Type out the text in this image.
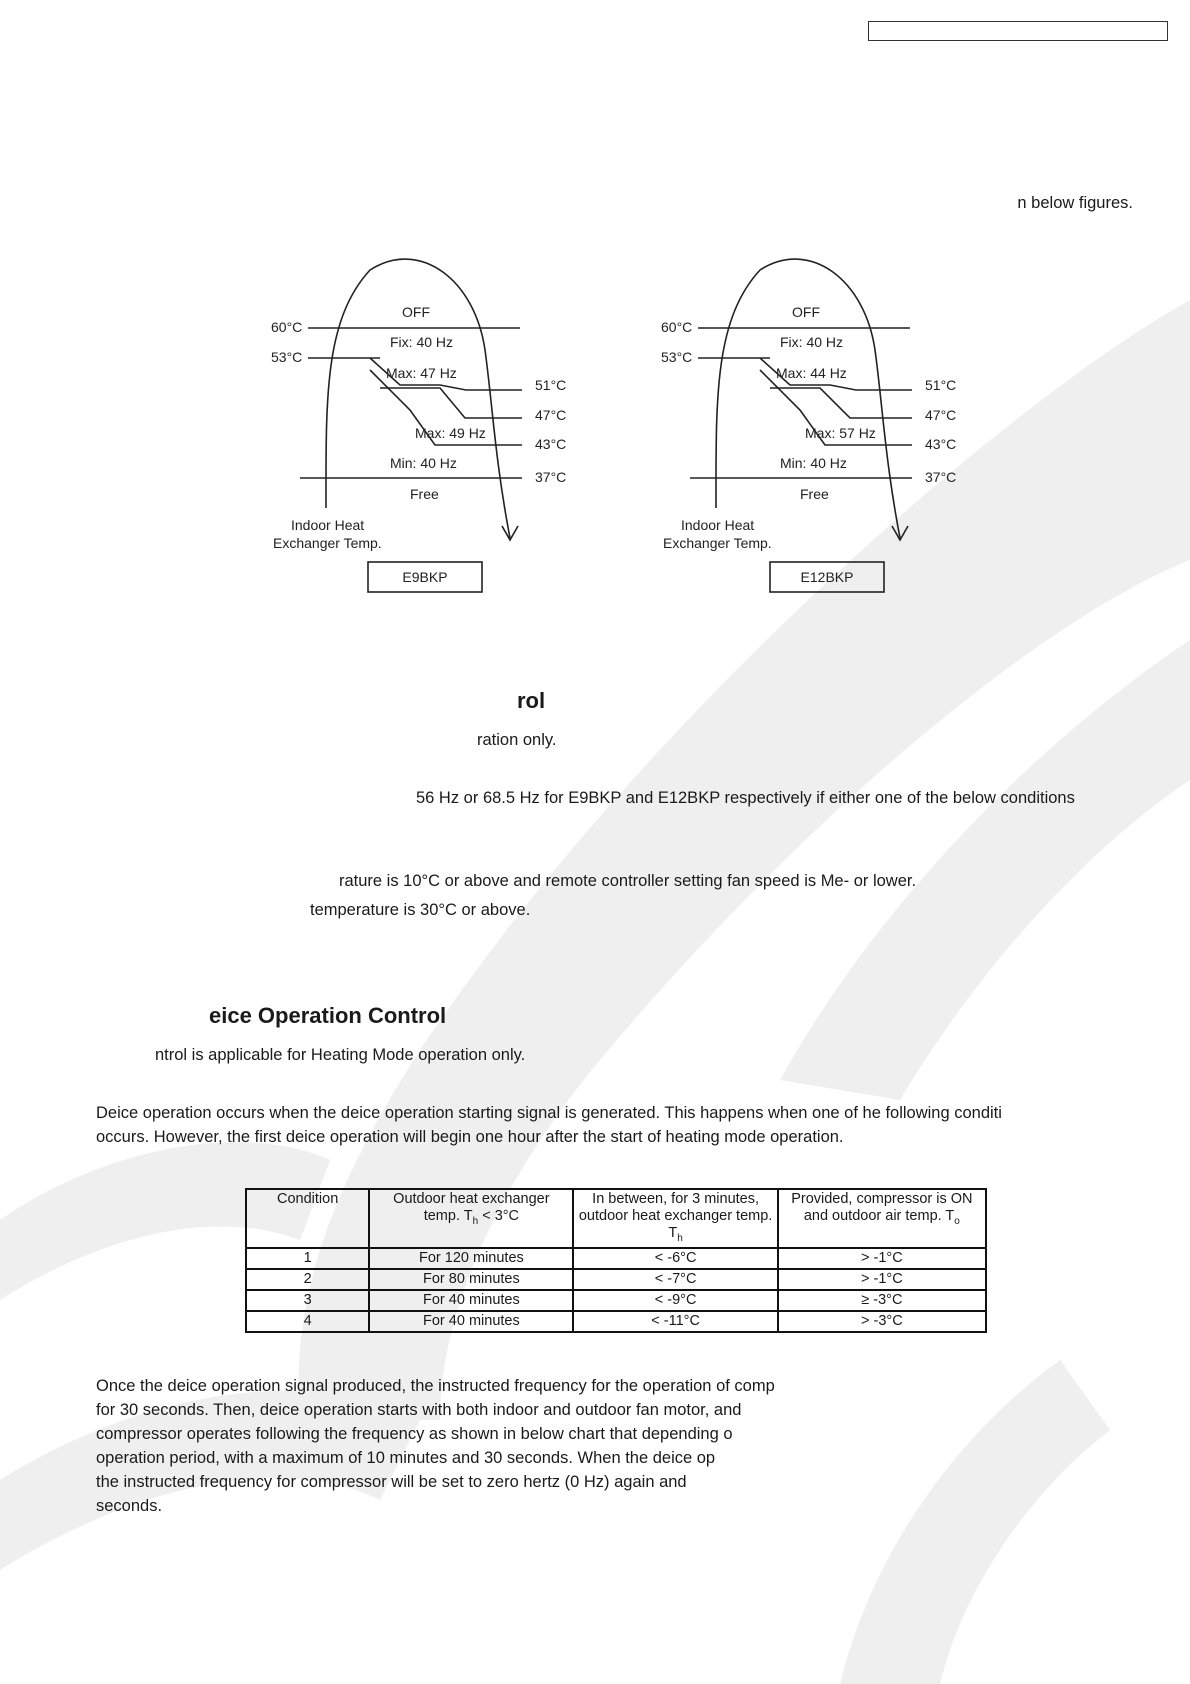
n below figures.
OFF
Fix: 40 Hz
Max: 47 Hz
Max: 49 Hz
Min: 40 Hz
Free
60°C
53°C
51°C
47°C
43°C
37°C
Indoor Heat
Exchanger Temp.
E9BKP
OFF
Fix: 40 Hz
Max: 44 Hz
Max: 57 Hz
Min: 40 Hz
Free
60°C
53°C
51°C
47°C
43°C
37°C
Indoor Heat
Exchanger Temp.
E12BKP
rol
ration only.
56 Hz or 68.5 Hz for E9BKP and E12BKP respectively if either one of the below conditions
rature is 10°C or above and remote controller setting fan speed is Me- or lower.
temperature is 30°C or above.
eice Operation Control
ntrol is applicable for Heating Mode operation only.
Deice operation occurs when the deice operation starting signal is generated. This happens when one of he following conditi
occurs. However, the first deice operation will begin one hour after the start of heating mode operation.
Condition	Outdoor heat exchanger temp. $T_h < 3^\circ C$	In between, for 3 minutes, outdoor heat exchanger temp. $T_h$	Provided, compressor is ON and outdoor air temp. $T_o$
1	For 120 minutes	< -6°C	> -1°C
2	For 80 minutes	< -7°C	> -1°C
3	For 40 minutes	< -9°C	≥ -3°C
4	For 40 minutes	< -11°C	> -3°C
Once the deice operation signal produced, the instructed frequency for the operation of comp
for 30 seconds. Then, deice operation starts with both indoor and outdoor fan motor, and
compressor operates following the frequency as shown in below chart that depending o
operation period, with a maximum of 10 minutes and 30 seconds. When the deice op
the instructed frequency for compressor will be set to zero hertz (0 Hz) again and
seconds.
